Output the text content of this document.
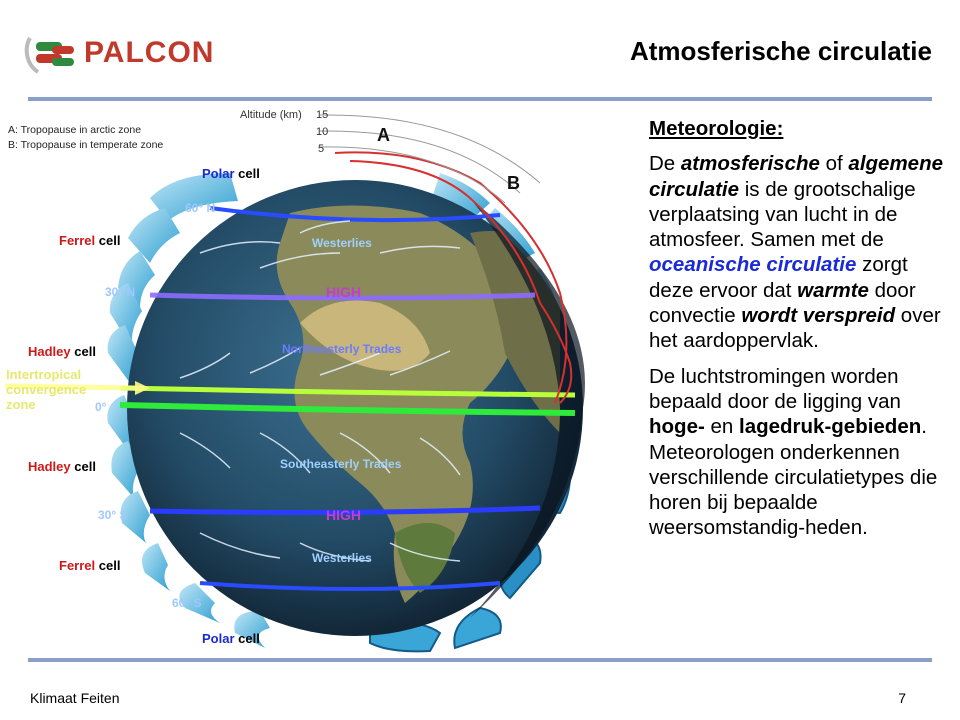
PALCON	Atmosferische circulatie
Altitude (km) 15
10
5
A: Tropopause in arctic zone
B: Tropopause in temperate zone	A
B
Polar cell
Ferrel cell
Hadley cell
Hadley cell
Ferrel cell
Polar cell
Intertropical
convergence
zone
60° N
30° N
0°
30° S
60° S
Westerlies
HIGH
Northeasterly Trades
Southeasterly Trades
HIGH
Westerlies
Meteorologie:

De atmosferische of algemene circulatie is de grootschalige verplaatsing van lucht in de atmosfeer. Samen met de oceanische circulatie zorgt deze ervoor dat warmte door convectie wordt verspreid over het aardoppervlak.

De luchtstromingen worden bepaald door de ligging van hoge- en lagedruk-gebieden. Meteorologen onderkennen verschillende circulatietypes die horen bij bepaalde weersomstandig-heden.

Klimaat Feiten	7
